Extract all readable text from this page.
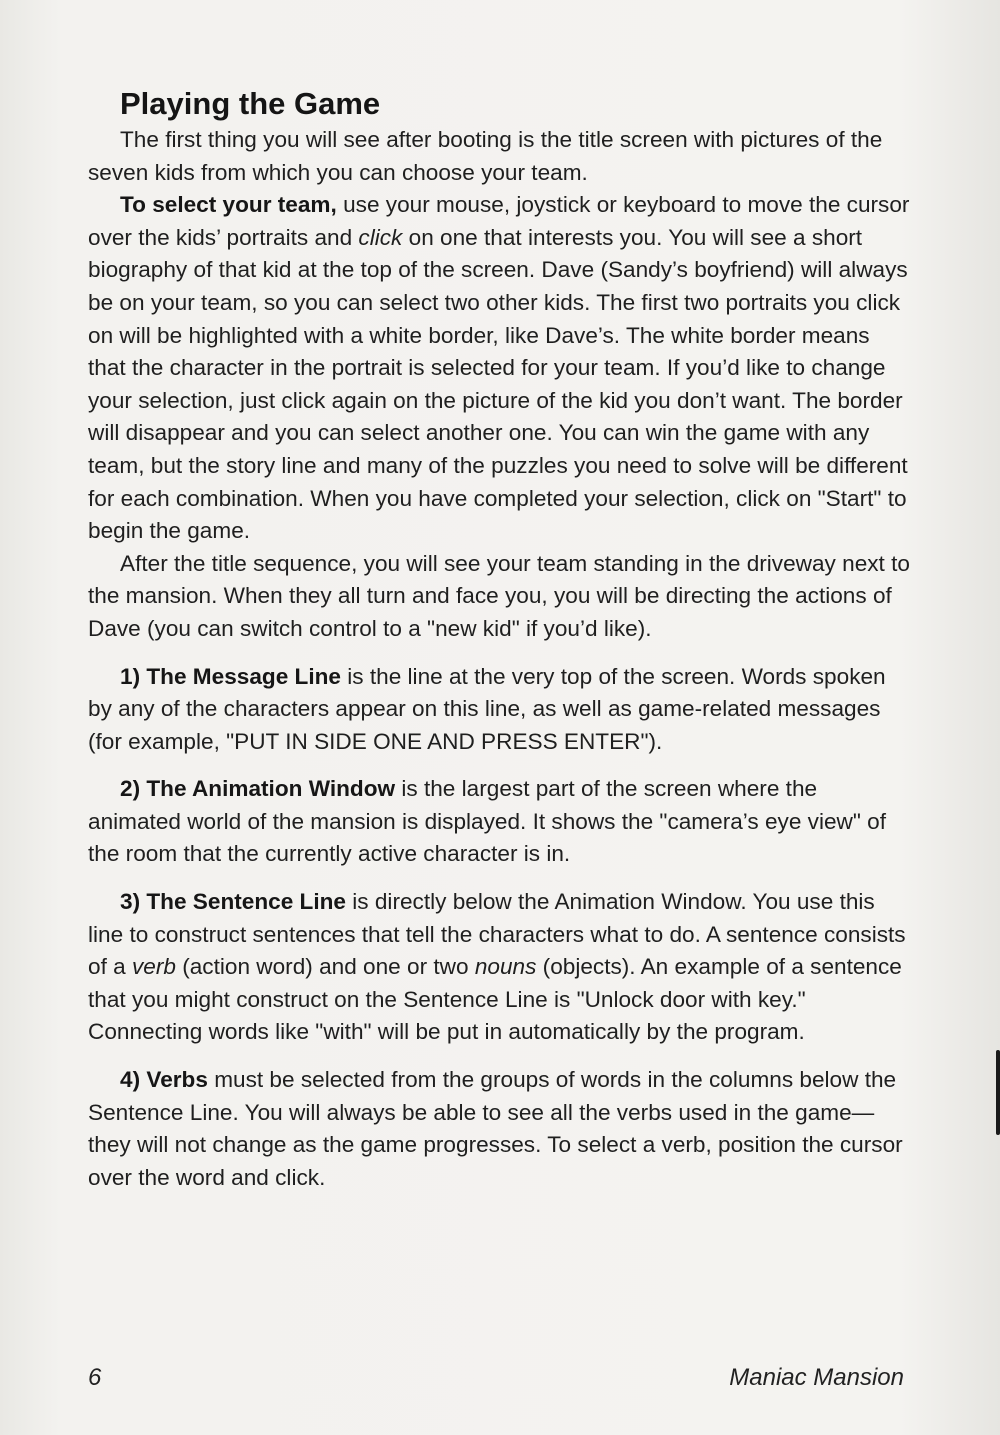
Playing the Game

The first thing you will see after booting is the title screen with pictures of the seven kids from which you can choose your team.

To select your team, use your mouse, joystick or keyboard to move the cursor over the kids’ portraits and click on one that interests you. You will see a short biography of that kid at the top of the screen. Dave (Sandy’s boyfriend) will always be on your team, so you can select two other kids. The first two portraits you click on will be highlighted with a white border, like Dave’s. The white border means that the character in the portrait is selected for your team. If you’d like to change your selection, just click again on the picture of the kid you don’t want. The border will disappear and you can select another one. You can win the game with any team, but the story line and many of the puzzles you need to solve will be different for each combination. When you have completed your selection, click on "Start" to begin the game.

After the title sequence, you will see your team standing in the driveway next to the mansion. When they all turn and face you, you will be directing the actions of Dave (you can switch control to a "new kid" if you’d like).

1) The Message Line is the line at the very top of the screen. Words spoken by any of the characters appear on this line, as well as game-related messages (for example, "PUT IN SIDE ONE AND PRESS ENTER").

2) The Animation Window is the largest part of the screen where the animated world of the mansion is displayed. It shows the "camera’s eye view" of the room that the currently active character is in.

3) The Sentence Line is directly below the Animation Window. You use this line to construct sentences that tell the characters what to do. A sentence consists of a verb (action word) and one or two nouns (objects). An example of a sentence that you might construct on the Sentence Line is "Unlock door with key." Connecting words like "with" will be put in automatically by the program.

4) Verbs must be selected from the groups of words in the columns below the Sentence Line. You will always be able to see all the verbs used in the game—they will not change as the game progresses. To select a verb, position the cursor over the word and click.

6	Maniac Mansion
